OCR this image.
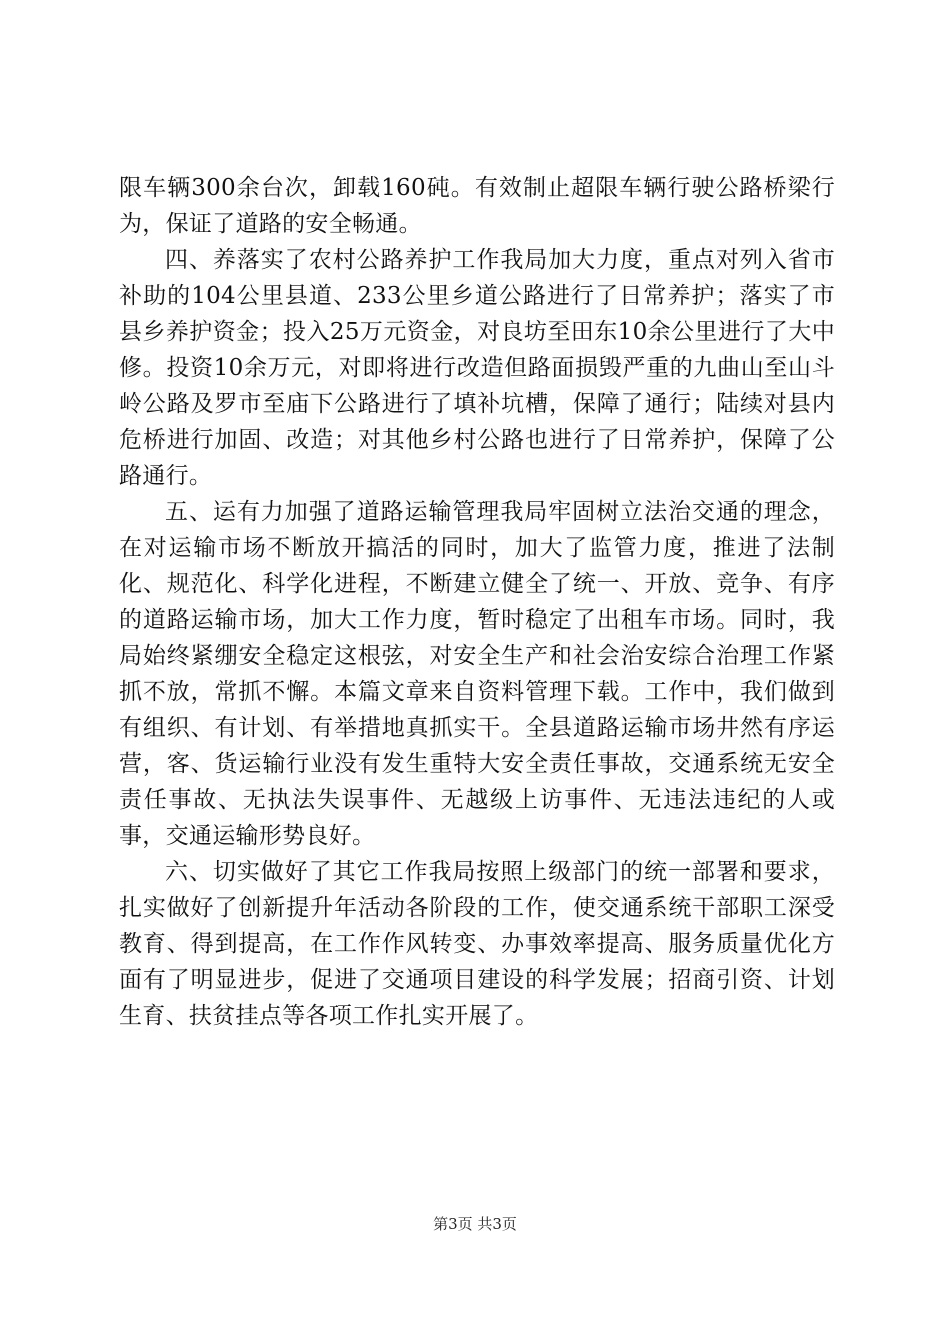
限车辆300余台次，卸载160砘。有效制止超限车辆行驶公路桥梁行为，保证了道路的安全畅通。

四、养落实了农村公路养护工作我局加大力度，重点对列入省市补助的104公里县道、233公里乡道公路进行了日常养护；落实了市县乡养护资金；投入25万元资金，对良坊至田东10余公里进行了大中修。投资10余万元，对即将进行改造但路面损毁严重的九曲山至山斗岭公路及罗市至庙下公路进行了填补坑槽，保障了通行；陆续对县内危桥进行加固、改造；对其他乡村公路也进行了日常养护，保障了公路通行。

五、运有力加强了道路运输管理我局牢固树立法治交通的理念，在对运输市场不断放开搞活的同时，加大了监管力度，推进了法制化、规范化、科学化进程，不断建立健全了统一、开放、竞争、有序的道路运输市场，加大工作力度，暂时稳定了出租车市场。同时，我局始终紧绷安全稳定这根弦，对安全生产和社会治安综合治理工作紧抓不放，常抓不懈。本篇文章来自资料管理下载。工作中，我们做到有组织、有计划、有举措地真抓实干。全县道路运输市场井然有序运营，客、货运输行业没有发生重特大安全责任事故，交通系统无安全责任事故、无执法失误事件、无越级上访事件、无违法违纪的人或事，交通运输形势良好。

六、切实做好了其它工作我局按照上级部门的统一部署和要求，扎实做好了创新提升年活动各阶段的工作，使交通系统干部职工深受教育、得到提高，在工作作风转变、办事效率提高、服务质量优化方面有了明显进步，促进了交通项目建设的科学发展；招商引资、计划生育、扶贫挂点等各项工作扎实开展了。

第3页 共3页
